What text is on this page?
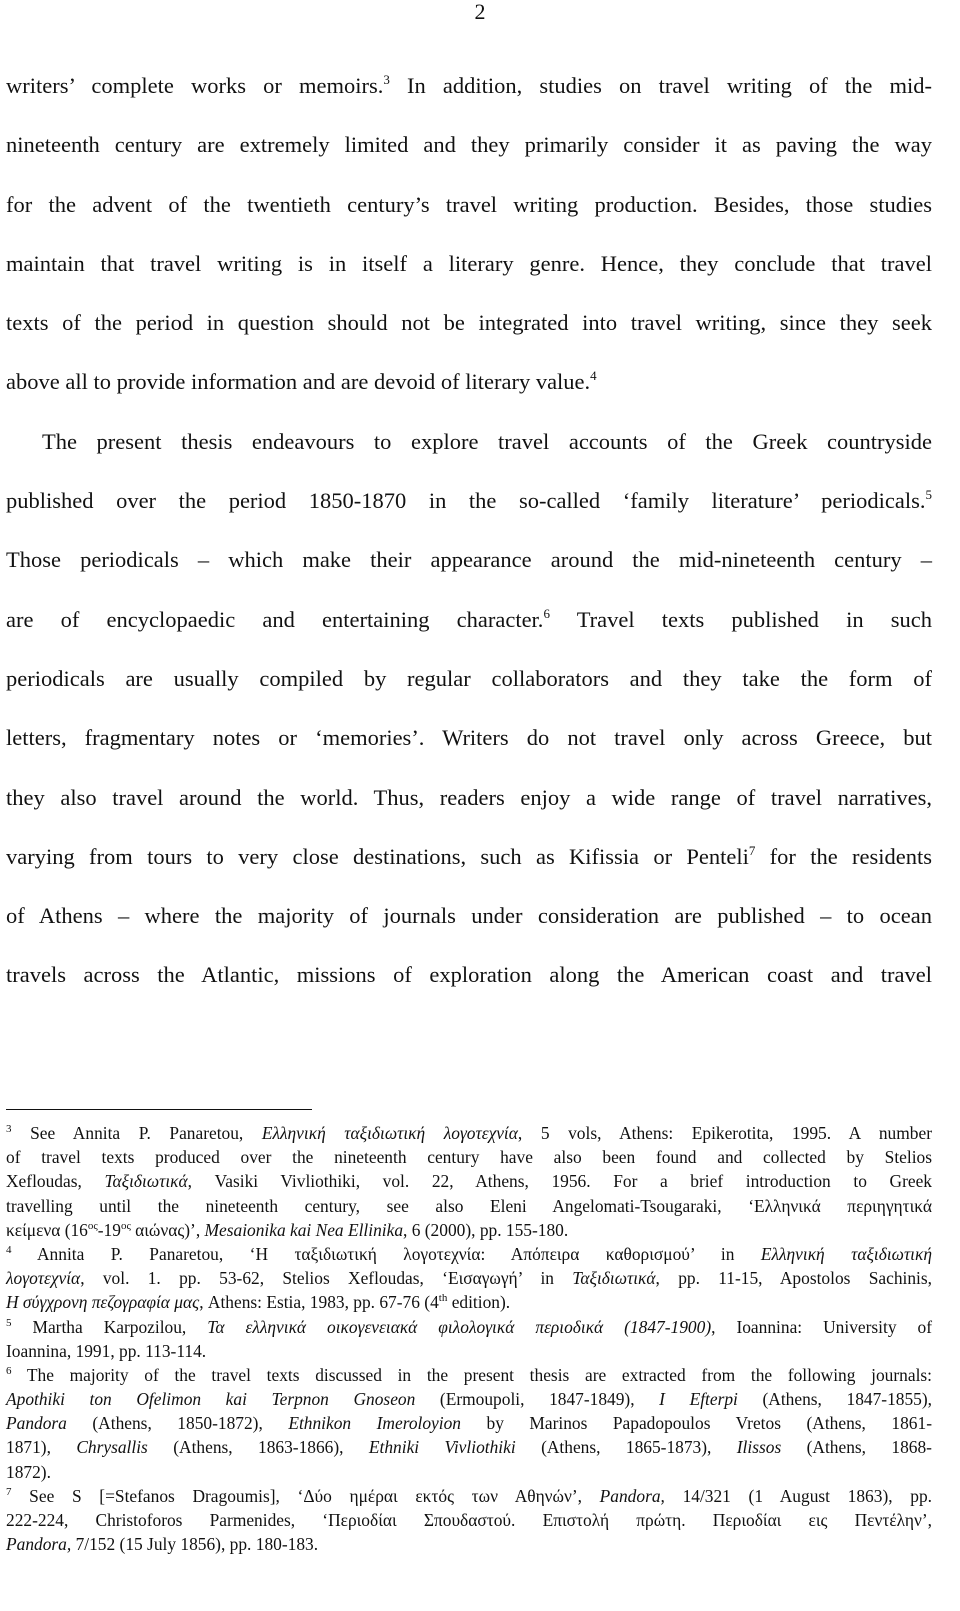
2
writers’ complete works or memoirs.$^3$ In addition, studies on travel writing of the mid-
nineteenth century are extremely limited and they primarily consider it as paving the way
for the advent of the twentieth century’s travel writing production. Besides, those studies
maintain that travel writing is in itself a literary genre. Hence, they conclude that travel
texts of the period in question should not be integrated into travel writing, since they seek
above all to provide information and are devoid of literary value.$^4$
The present thesis endeavours to explore travel accounts of the Greek countryside
published over the period 1850-1870 in the so-called ‘family literature’ periodicals.$^5$
Those periodicals – which make their appearance around the mid-nineteenth century –
are of encyclopaedic and entertaining character.$^6$ Travel texts published in such
periodicals are usually compiled by regular collaborators and they take the form of
letters, fragmentary notes or ‘memories’. Writers do not travel only across Greece, but
they also travel around the world. Thus, readers enjoy a wide range of travel narratives,
varying from tours to very close destinations, such as Kifissia or Penteli$^7$ for the residents
of Athens – where the majority of journals under consideration are published – to ocean
travels across the Atlantic, missions of exploration along the American coast and travel
$^3$ See Annita P. Panaretou, Ελληνική ταξιδιωτική λογοτεχνία, 5 vols, Athens: Epikerotita, 1995. A number
of travel texts produced over the nineteenth century have also been found and collected by Stelios
Xefloudas, Ταξιδιωτικά, Vasiki Vivliothiki, vol. 22, Athens, 1956. For a brief introduction to Greek
travelling until the nineteenth century, see also Eleni Angelomati-Tsougaraki, ‘Ελληνικά περιηγητικά
κείμενα ($16^{o\varsigma}-19^{o\varsigma}$ αιώνας)’, Mesaionika kai Nea Ellinika, 6 (2000), pp. 155-180.
$^4$ Annita P. Panaretou, ‘Η ταξιδιωτική λογοτεχνία: Απόπειρα καθορισμού’ in Ελληνική ταξιδιωτική
λογοτεχνία, vol. 1. pp. 53-62, Stelios Xefloudas, ‘Εισαγωγή’ in Ταξιδιωτικά, pp. 11-15, Apostolos Sachinis,
Η σύγχρονη πεζογραφία μας, Athens: Estia, 1983, pp. 67-76 (4th edition).
$^5$ Martha Karpozilou, Τα ελληνικά οικογενειακά φιλολογικά περιοδικά (1847-1900), Ioannina: University of
Ioannina, 1991, pp. 113-114.
$^6$ The majority of the travel texts discussed in the present thesis are extracted from the following journals:
Apothiki ton Ofelimon kai Terpnon Gnoseon (Ermoupoli, 1847-1849), I Efterpi (Athens, 1847-1855),
Pandora (Athens, 1850-1872), Ethnikon Imeroloyion by Marinos Papadopoulos Vretos (Athens, 1861-
1871), Chrysallis (Athens, 1863-1866), Ethniki Vivliothiki (Athens, 1865-1873), Ilissos (Athens, 1868-
1872).
$^7$ See S [=Stefanos Dragoumis], ‘Δύο ημέραι εκτός των Αθηνών’, Pandora, 14/321 (1 August 1863), pp.
222-224, Christoforos Parmenides, ‘Περιοδίαι Σπουδαστού. Επιστολή πρώτη. Περιοδίαι εις Πεντέλην’,
Pandora, 7/152 (15 July 1856), pp. 180-183.
